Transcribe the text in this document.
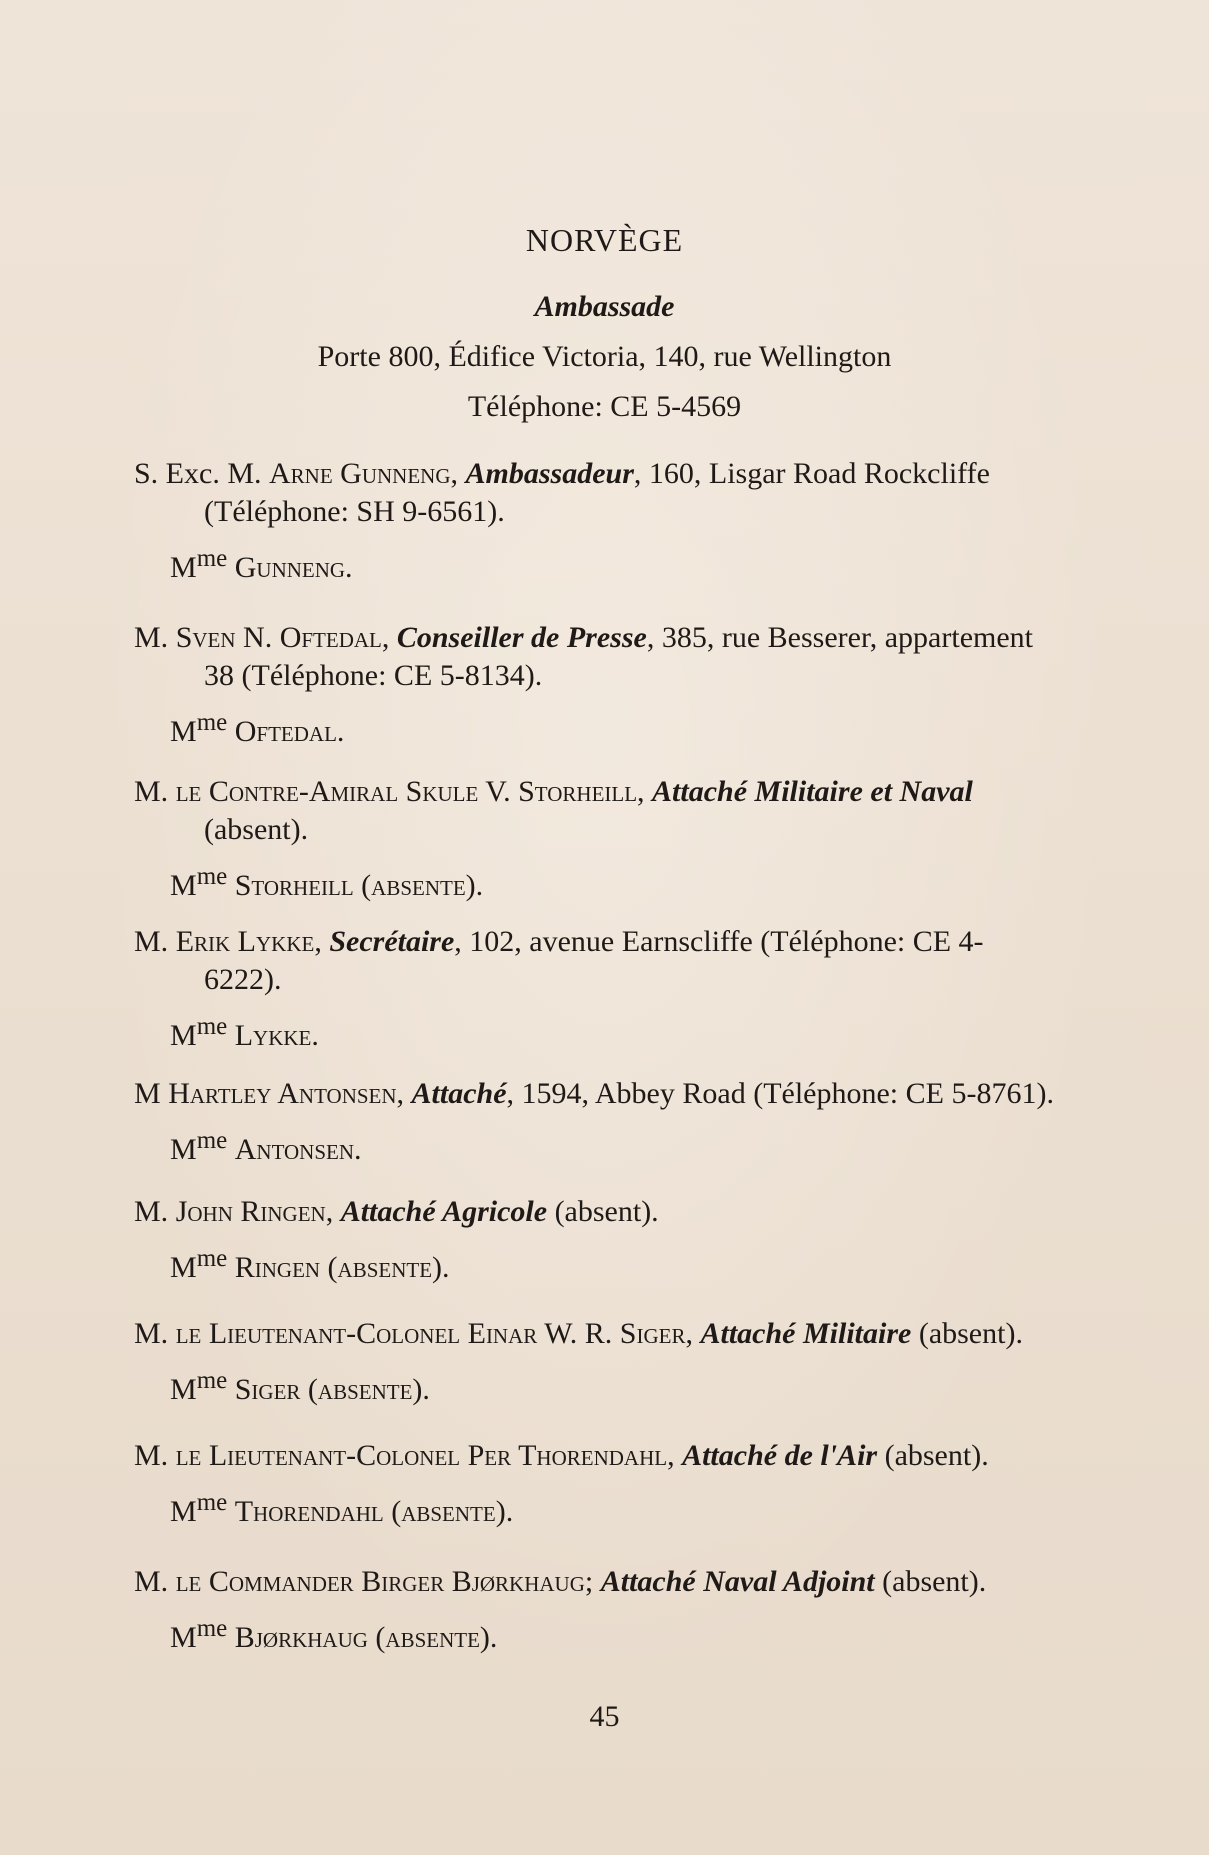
NORVÈGE
Ambassade
Porte 800, Édifice Victoria, 140, rue Wellington
Téléphone: CE 5-4569
S. Exc. M. Arne Gunneng, Ambassadeur, 160, Lisgar Road Rockcliffe (Téléphone: SH 9-6561).
$M^{me}$ Gunneng.
M. Sven N. Oftedal, Conseiller de Presse, 385, rue Besserer, appartement 38 (Téléphone: CE 5-8134).
$M^{me}$ Oftedal.
M. le Contre-Amiral Skule V. Storheill, Attaché Militaire et Naval (absent).
$M^{me}$ Storheill (absente).
M. Erik Lykke, Secrétaire, 102, avenue Earnscliffe (Téléphone: CE 4-6222).
$M^{me}$ Lykke.
M Hartley Antonsen, Attaché, 1594, Abbey Road (Téléphone: CE 5-8761).
$M^{me}$ Antonsen.
M. John Ringen, Attaché Agricole (absent).
$M^{me}$ Ringen (absente).
M. le Lieutenant-Colonel Einar W. R. Siger, Attaché Militaire (absent).
$M^{me}$ Siger (absente).
M. le Lieutenant-Colonel Per Thorendahl, Attaché de l'Air (absent).
$M^{me}$ Thorendahl (absente).
M. le Commander Birger Bjørkhaug; Attaché Naval Adjoint (absent).
$M^{me}$ Bjørkhaug (absente).
45
